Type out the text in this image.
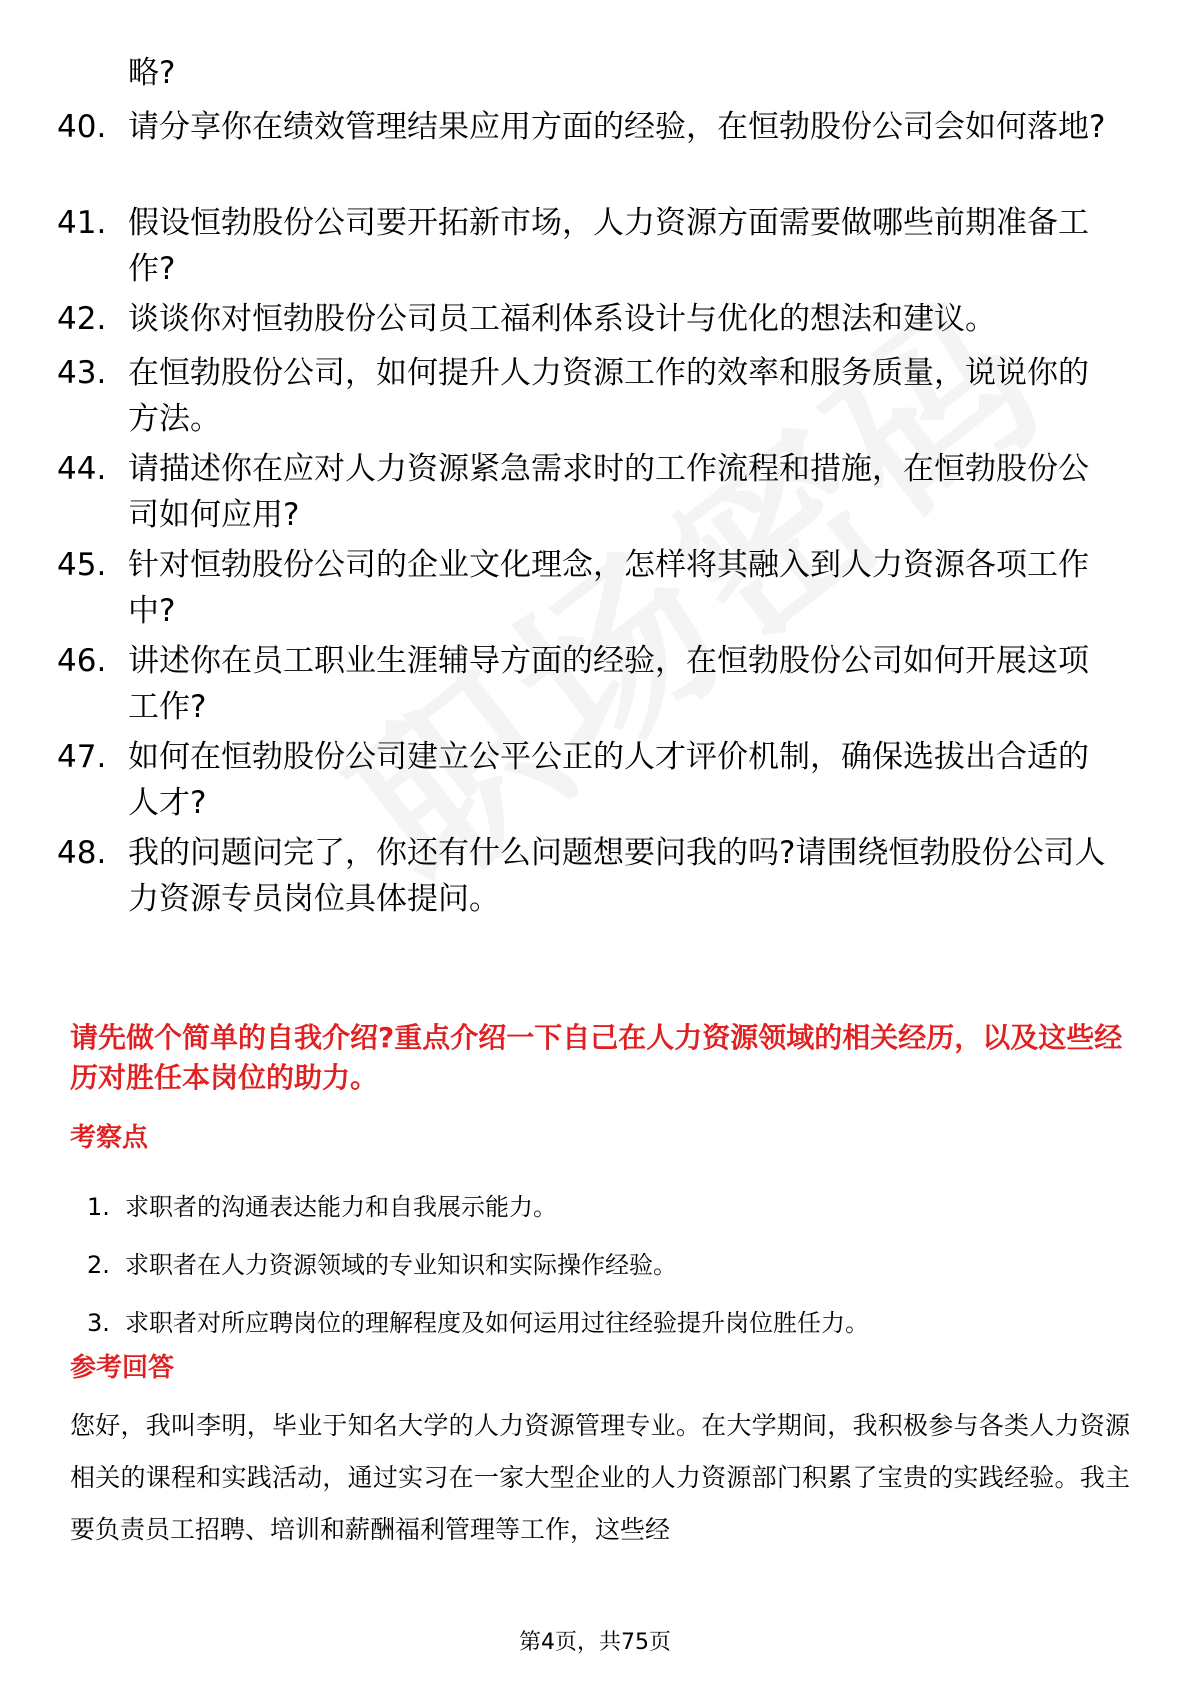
略?
40. 请分享你在绩效管理结果应用方面的经验，在恒勃股份公司会如何落地?
41. 假设恒勃股份公司要开拓新市场，人力资源方面需要做哪些前期准备工作?
42. 谈谈你对恒勃股份公司员工福利体系设计与优化的想法和建议。
43. 在恒勃股份公司，如何提升人力资源工作的效率和服务质量，说说你的方法。
44. 请描述你在应对人力资源紧急需求时的工作流程和措施，在恒勃股份公司如何应用?
45. 针对恒勃股份公司的企业文化理念，怎样将其融入到人力资源各项工作中?
46. 讲述你在员工职业生涯辅导方面的经验，在恒勃股份公司如何开展这项工作?
47. 如何在恒勃股份公司建立公平公正的人才评价机制，确保选拔出合适的人才?
48. 我的问题问完了，你还有什么问题想要问我的吗?请围绕恒勃股份公司人力资源专员岗位具体提问。
请先做个简单的自我介绍?重点介绍一下自己在人力资源领域的相关经历，以及这些经历对胜任本岗位的助力。
考察点
1. 求职者的沟通表达能力和自我展示能力。
2. 求职者在人力资源领域的专业知识和实际操作经验。
3. 求职者对所应聘岗位的理解程度及如何运用过往经验提升岗位胜任力。
参考回答
您好，我叫李明，毕业于知名大学的人力资源管理专业。在大学期间，我积极参与各类人力资源相关的课程和实践活动，通过实习在一家大型企业的人力资源部门积累了宝贵的实践经验。我主要负责员工招聘、培训和薪酬福利管理等工作，这些经
第4页，共75页
